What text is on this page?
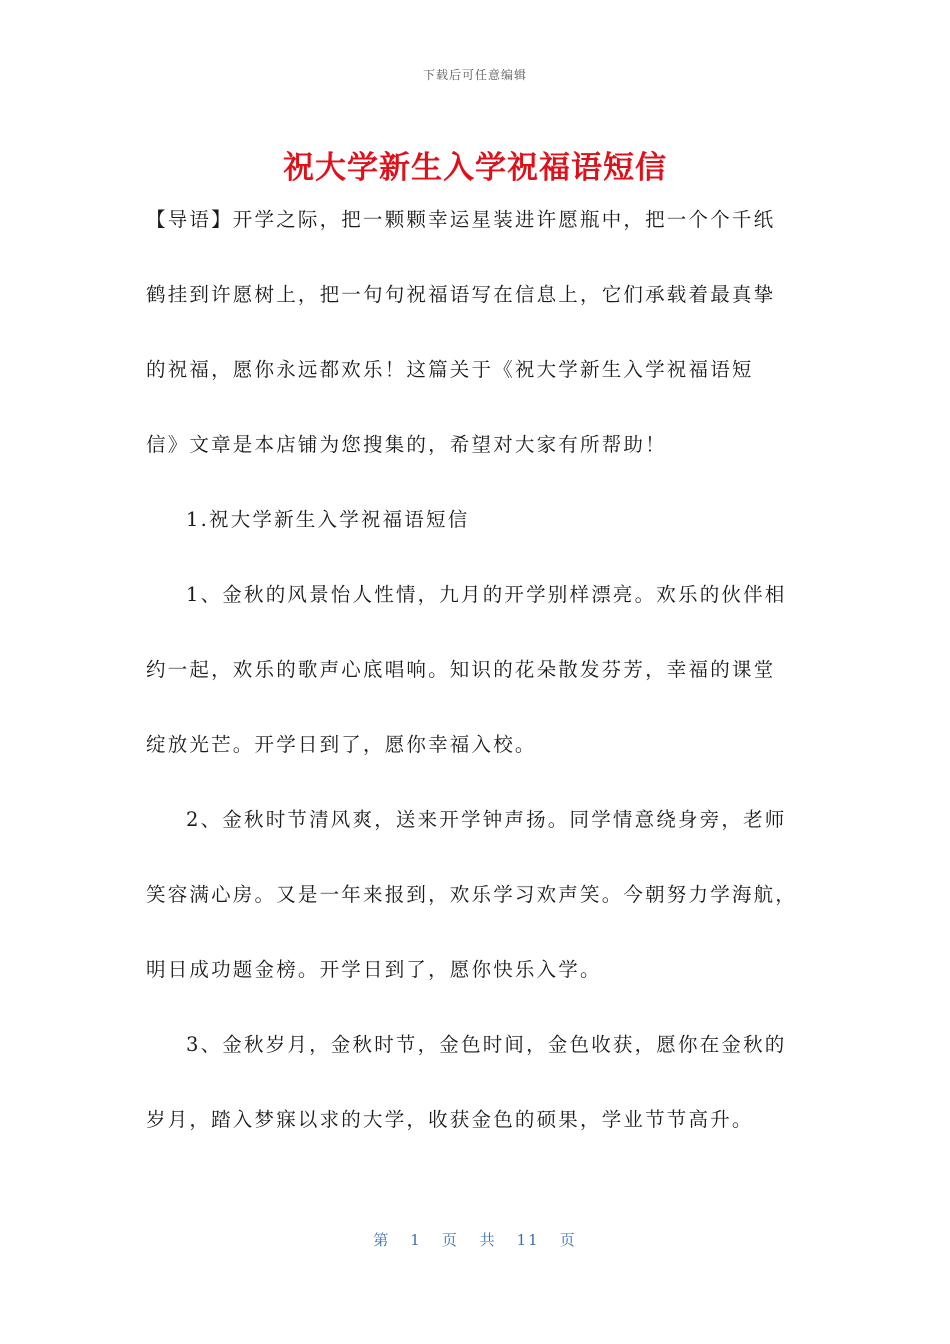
下载后可任意编辑
祝大学新生入学祝福语短信
【导语】开学之际，把一颗颗幸运星装进许愿瓶中，把一个个千纸
鹤挂到许愿树上，把一句句祝福语写在信息上，它们承载着最真挚
的祝福，愿你永远都欢乐！这篇关于《祝大学新生入学祝福语短
信》文章是本店铺为您搜集的，希望对大家有所帮助！
1.祝大学新生入学祝福语短信
1、金秋的风景怡人性情，九月的开学别样漂亮。欢乐的伙伴相
约一起，欢乐的歌声心底唱响。知识的花朵散发芬芳，幸福的课堂
绽放光芒。开学日到了，愿你幸福入校。
2、金秋时节清风爽，送来开学钟声扬。同学情意绕身旁，老师
笑容满心房。又是一年来报到，欢乐学习欢声笑。今朝努力学海航，
明日成功题金榜。开学日到了，愿你快乐入学。
3、金秋岁月，金秋时节，金色时间，金色收获，愿你在金秋的
岁月，踏入梦寐以求的大学，收获金色的硕果，学业节节高升。
第 1 页 共 11 页
